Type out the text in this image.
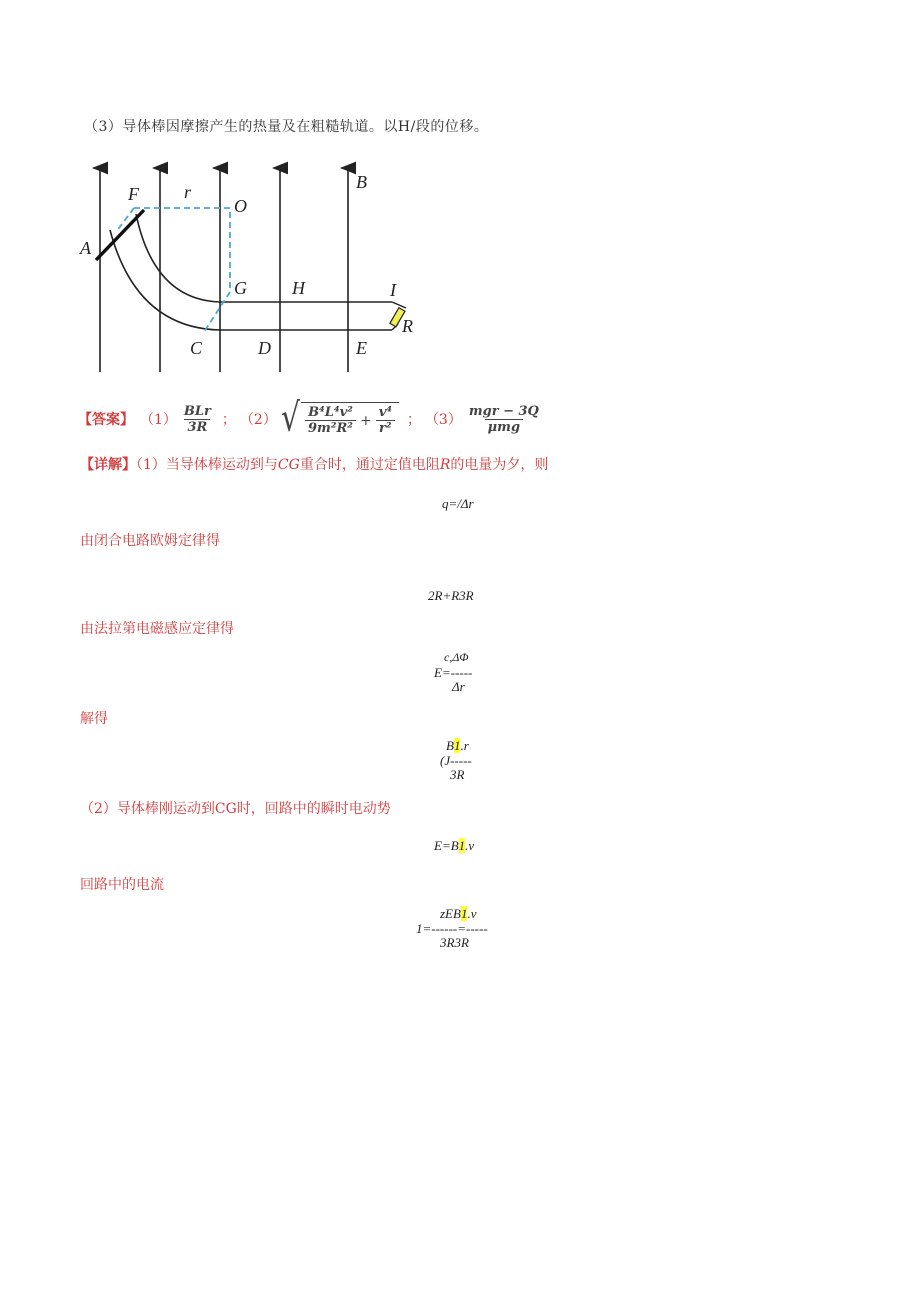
（3）导体棒因摩擦产生的热量及在粗糙轨道。以H/段的位移。
A
F	r
O
B
G	H	I
R
C	D	E
【答案】 $(1) \frac{\text{BLr}}{3R}$ ； （2） √ $\frac{\text{B⁴L⁴v²}}{\text{9m²R²}} + \frac{\text{v⁴}}{\text{r²}}$ ； $(3) \frac{\text{mgr − 3Q}}{\text{μmg}}$
【详解】（1）当导体棒运动到与CG重合时，通过定值电阻R的电量为夕，则
q=/Δr
由闭合电路欧姆定律得
2R+R3R
由法拉第电磁感应定律得
c,ΔΦ
E=-----
Δr
解得
B1.r
(J-----
3R
（2）导体棒刚运动到CG时，回路中的瞬时电动势
E=B1.v
回路中的电流
zEB1.v
1=------=-----
3R3R
